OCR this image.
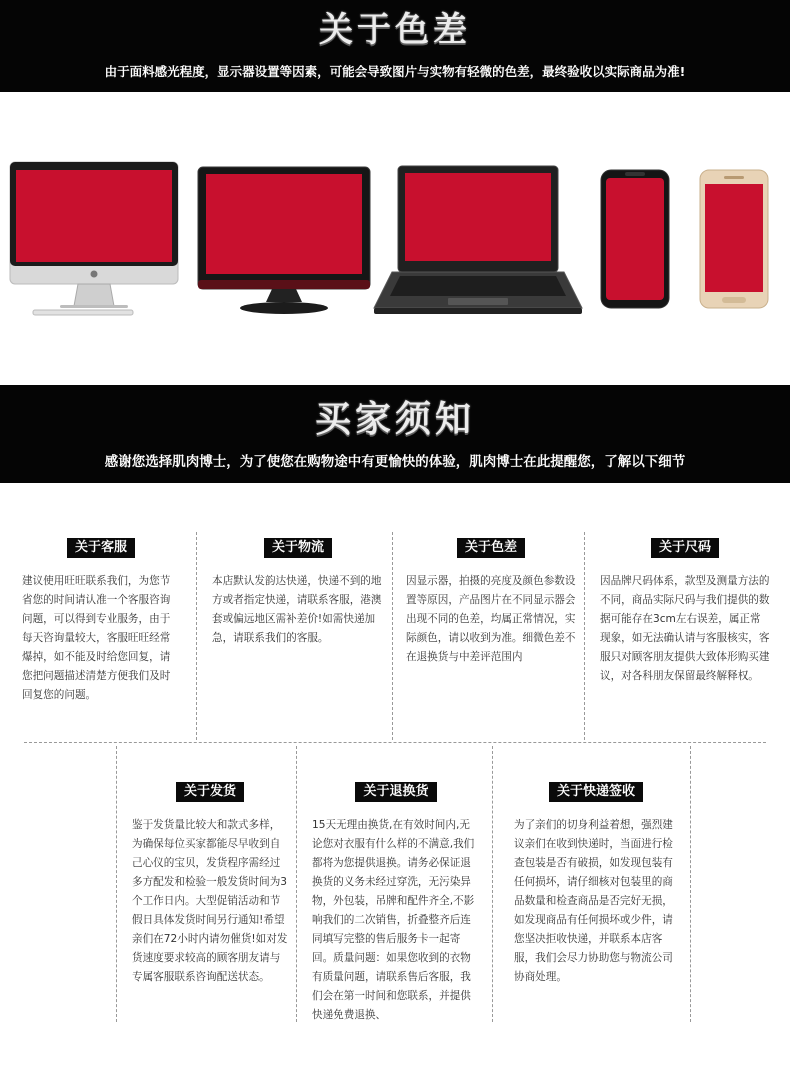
关于色差
由于面料感光程度，显示器设置等因素，可能会导致图片与实物有轻微的色差，最终验收以实际商品为准!
买家须知
感谢您选择肌肉博士，为了使您在购物途中有更愉快的体验，肌肉博士在此提醒您，了解以下细节
关于客服
建议使用旺旺联系我们，为您节省您的时间请认准一个客服咨询问题，可以得到专业服务，由于每天咨询量较大，客服旺旺经常爆掉，如不能及时给您回复，请您把问题描述清楚方便我们及时回复您的问题。
关于物流
本店默认发韵达快递，快递不到的地方或者指定快递，请联系客服，港澳套或偏远地区需补差价!如需快递加急，请联系我们的客服。
关于色差
因显示器，拍摄的亮度及颜色参数设置等原因，产品图片在不同显示器会出现不同的色差，均属正常情况，实际颜色，请以收到为准。细微色差不在退换货与中差评范围内
关于尺码
因品牌尺码体系，款型及测量方法的不同，商品实际尺码与我们提供的数据可能存在3cm左右误差，属正常现象，如无法确认请与客服核实，客服只对顾客朋友提供大致体形购买建议，对各科朋友保留最终解释权。
关于发货
鉴于发货量比较大和款式多样，为确保每位买家都能尽早收到自己心仪的宝贝，发货程序需经过多方配发和检验一般发货时间为3个工作日内。大型促销活动和节假日具体发货时间另行通知!希望亲们在72小时内请勿催货!如对发货速度要求较高的顾客朋友请与专属客服联系咨询配送状态。
关于退换货
15天无理由换货,在有效时间内,无论您对衣服有什么样的不满意,我们都将为您提供退换。请务必保证退换货的义务未经过穿洗，无污染异物，外包装，吊牌和配件齐全,不影响我们的二次销售，折叠整齐后连同填写完整的售后服务卡一起寄回。质量问题：如果您收到的衣物有质量问题，请联系售后客服，我们会在第一时间和您联系，并提供快递免费退换、
关于快递签收
为了亲们的切身利益着想，强烈建议亲们在收到快递时，当面进行检查包装是否有破损，如发现包装有任何损坏，请仔细核对包装里的商品数量和检查商品是否完好无损，如发现商品有任何损坏或少件，请您坚决拒收快递，并联系本店客服，我们会尽力协助您与物流公司协商处理。
